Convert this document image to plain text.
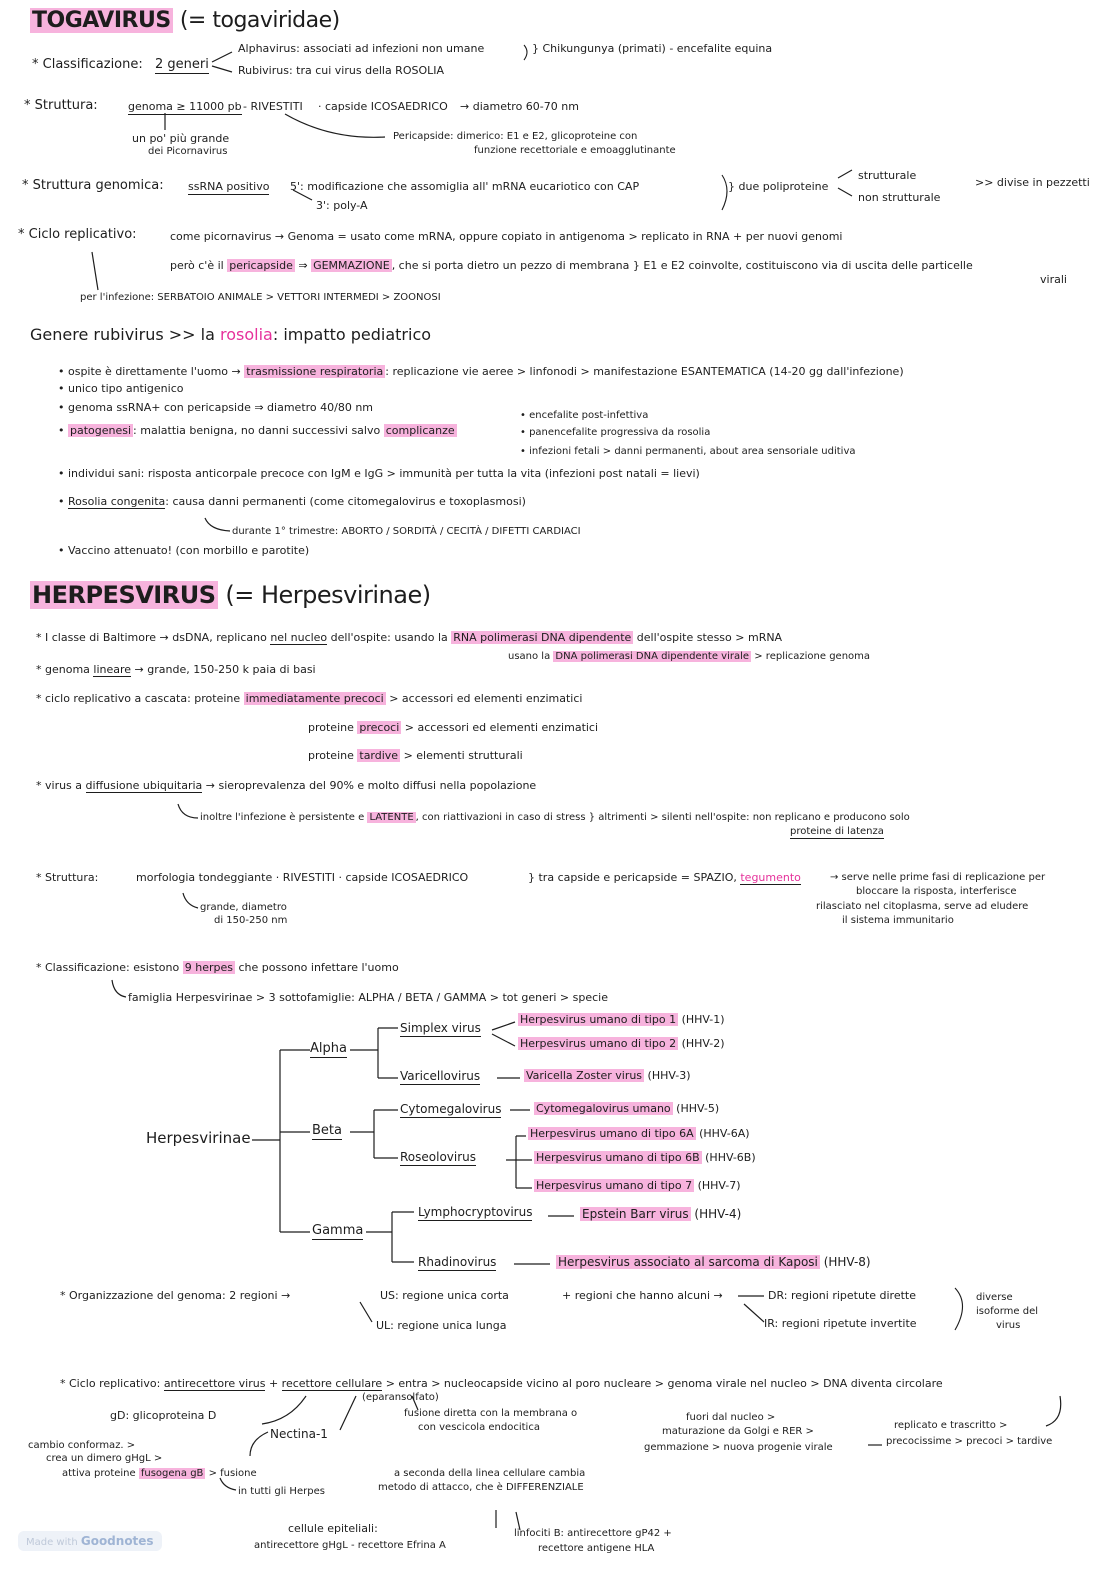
TOGAVIRUS (= togaviridae)
* Classificazione: 2 generi
Alphavirus: associati ad infezioni non umane	} Chikungunya (primati) - encefalite equina
Rubivirus: tra cui virus della ROSOLIA
* Struttura:	genoma ≥ 11000 pb - RIVESTITI · capside ICOSAEDRICO → diametro 60-70 nm
un po' più grande
dei Picornavirus
Pericapside: dimerico: E1 e E2, glicoproteine con
funzione recettoriale e emoagglutinante
* Struttura genomica: ssRNA positivo 5': modificazione che assomiglia all' mRNA eucariotico con CAP
3': poly-A
} due poliproteine
strutturale
non strutturale
>> divise in pezzetti
* Ciclo replicativo:	come picornavirus → Genoma = usato come mRNA, oppure copiato in antigenoma > replicato in RNA + per nuovi genomi
però c'è il pericapside ⇒ GEMMAZIONE , che si porta dietro un pezzo di membrana } E1 e E2 coinvolte, costituiscono via di uscita delle particelle
virali
per l'infezione: SERBATOIO ANIMALE > VETTORI INTERMEDI > ZOONOSI
Genere rubivirus >> la rosolia: impatto pediatrico
• ospite è direttamente l'uomo → trasmissione respiratoria : replicazione vie aeree > linfonodi > manifestazione ESANTEMATICA (14-20 gg dall'infezione)
• unico tipo antigenico
• genoma ssRNA+ con pericapside ⇒ diametro 40/80 nm
• patogenesi : malattia benigna, no danni successivi salvo complicanze
• encefalite post-infettiva
• panencefalite progressiva da rosolia
• infezioni fetali > danni permanenti, about area sensoriale uditiva
• individui sani: risposta anticorpale precoce con IgM e IgG > immunità per tutta la vita (infezioni post natali = lievi)
• Rosolia congenita: causa danni permanenti (come citomegalovirus e toxoplasmosi)
durante 1° trimestre: ABORTO / SORDITÀ / CECITÀ / DIFETTI CARDIACI
• Vaccino attenuato! (con morbillo e parotite)
HERPESVIRUS (= Herpesvirinae)
* I classe di Baltimore → dsDNA, replicano nel nucleo dell'ospite: usando la RNA polimerasi DNA dipendente dell'ospite stesso > mRNA
usano la DNA polimerasi DNA dipendente virale > replicazione genoma
* genoma lineare → grande, 150-250 k paia di basi
* ciclo replicativo a cascata: proteine immediatamente precoci > accessori ed elementi enzimatici
proteine precoci > accessori ed elementi enzimatici
proteine tardive > elementi strutturali
* virus a diffusione ubiquitaria → sieroprevalenza del 90% e molto diffusi nella popolazione
inoltre l'infezione è persistente e LATENTE , con riattivazioni in caso di stress } altrimenti > silenti nell'ospite: non replicano e producono solo
proteine di latenza
* Struttura:	morfologia tondeggiante · RIVESTITI · capside ICOSAEDRICO	} tra capside e pericapside = SPAZIO, tegumento	→ serve nelle prime fasi di replicazione per
bloccare la risposta, interferisce
rilasciato nel citoplasma, serve ad eludere
il sistema immunitario
grande, diametro
di 150-250 nm
* Classificazione: esistono 9 herpes che possono infettare l'uomo
famiglia Herpesvirinae > 3 sottofamiglie: ALPHA / BETA / GAMMA > tot generi > specie
Herpesvirinae
Alpha
Beta
Gamma
Simplex virus
Herpesvirus umano di tipo 1 (HHV-1)
Herpesvirus umano di tipo 2 (HHV-2)
Varicellovirus	Varicella Zoster virus (HHV-3)
Cytomegalovirus	Cytomegalovirus umano (HHV-5)
Roseolovirus
Herpesvirus umano di tipo 6A (HHV-6A)
Herpesvirus umano di tipo 6B (HHV-6B)
Herpesvirus umano di tipo 7 (HHV-7)
Lymphocryptovirus	Epstein Barr virus (HHV-4)
Rhadinovirus	Herpesvirus associato al sarcoma di Kaposi (HHV-8)
* Organizzazione del genoma: 2 regioni →	US: regione unica corta
UL: regione unica lunga
+ regioni che hanno alcuni →	DR: regioni ripetute dirette
IR: regioni ripetute invertite
diverse
isoforme del
virus
* Ciclo replicativo: antirecettore virus + recettore cellulare > entra > nucleocapside vicino al poro nucleare > genoma virale nel nucleo > DNA diventa circolare
(eparansolfato)
gD: glicoproteina D
Nectina-1
fusione diretta con la membrana o
con vescicola endocitica
fuori dal nucleo >
maturazione da Golgi e RER >
gemmazione > nuova progenie virale
replicato e trascritto >
precocissime > precoci > tardive
cambio conformaz. >
crea un dimero gHgL >
attiva proteine fusogena gB > fusione
in tutti gli Herpes
a seconda della linea cellulare cambia
metodo di attacco, che è DIFFERENZIALE
cellule epiteliali:
antirecettore gHgL - recettore Efrina A
linfociti B: antirecettore gP42 +
recettore antigene HLA
Made with Goodnotes
